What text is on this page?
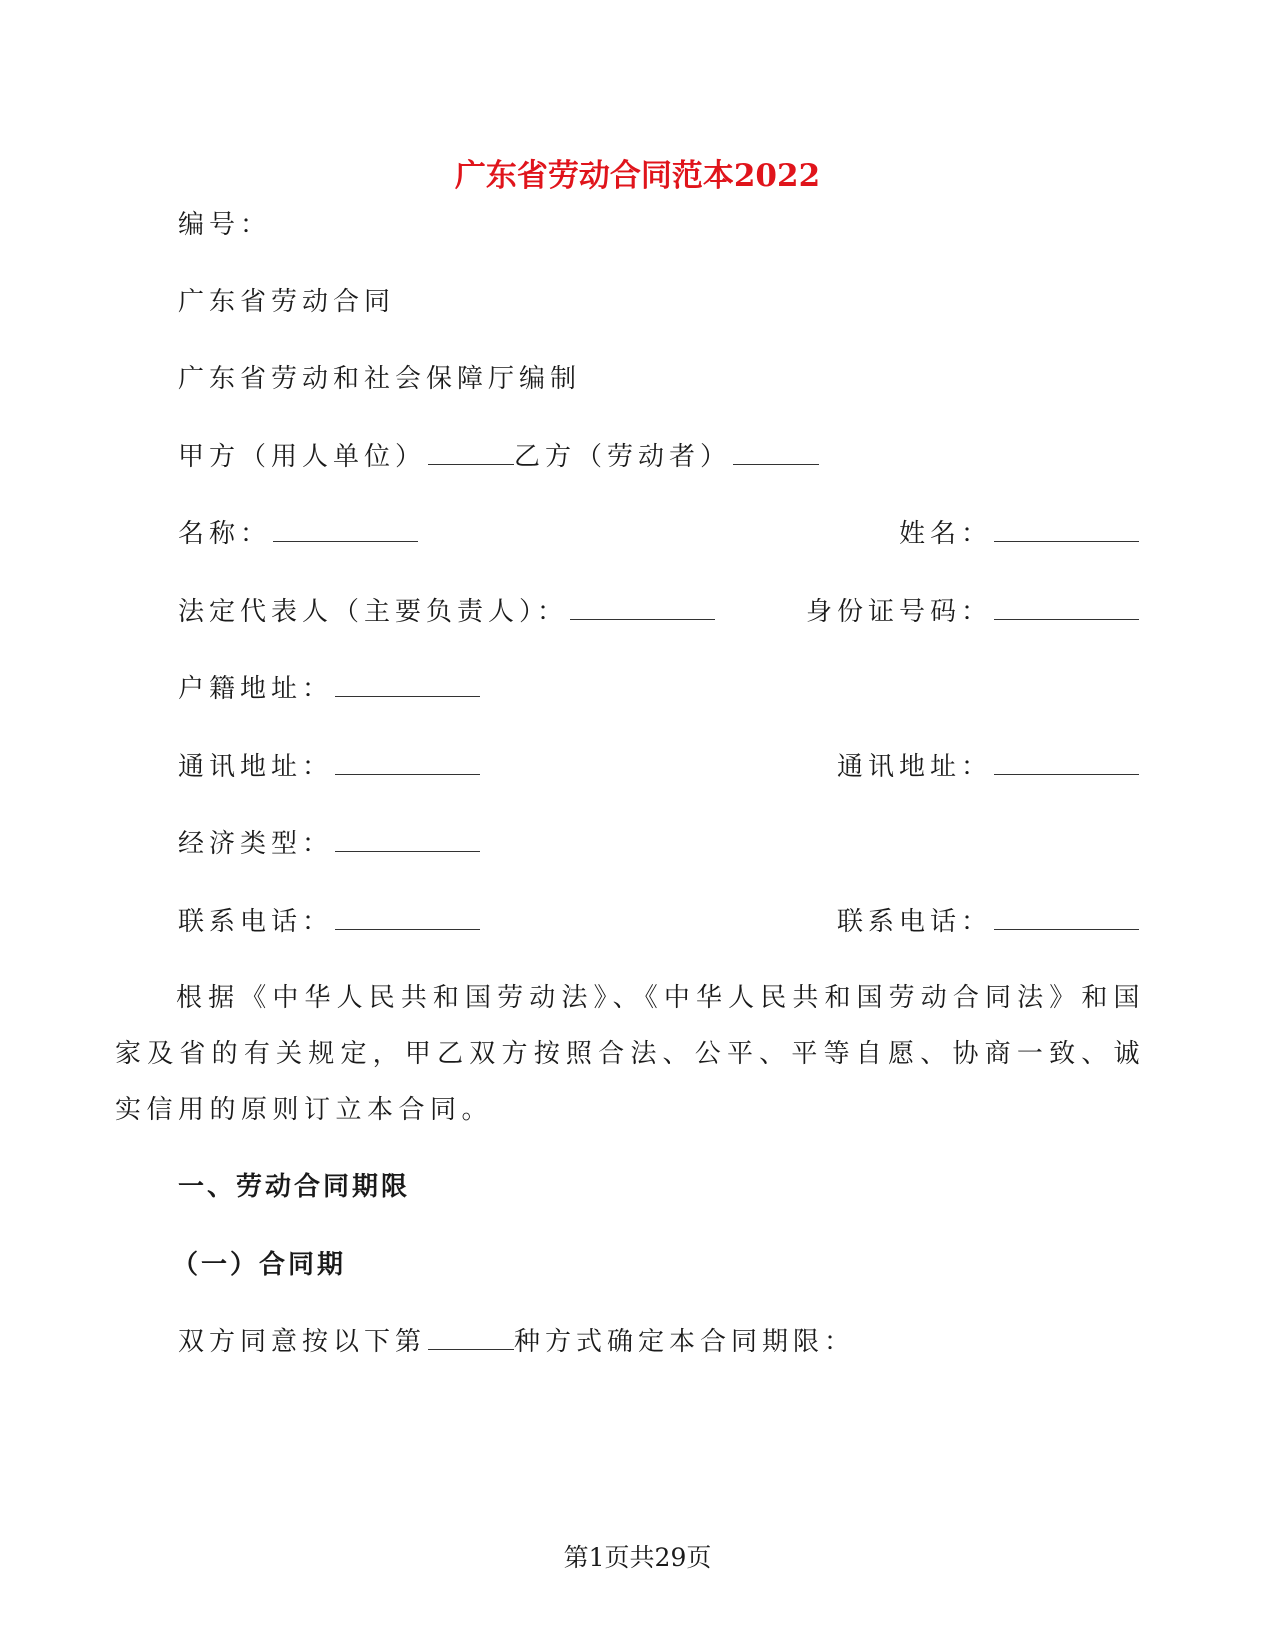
广东省劳动合同范本2022
编号：
广东省劳动合同
广东省劳动和社会保障厅编制
甲方（用人单位）	乙方（劳动者）
名称：	姓名：
法定代表人（主要负责人）：	身份证号码：
户籍地址：
通讯地址：	通讯地址：
经济类型：
联系电话：	联系电话：
根据《中华人民共和国劳动法》、《中华人民共和国劳动合同法》和国家及省的有关规定，甲乙双方按照合法、公平、平等自愿、协商一致、诚实信用的原则订立本合同。
一、劳动合同期限
（一）合同期
双方同意按以下第	种方式确定本合同期限：
第1页共29页
